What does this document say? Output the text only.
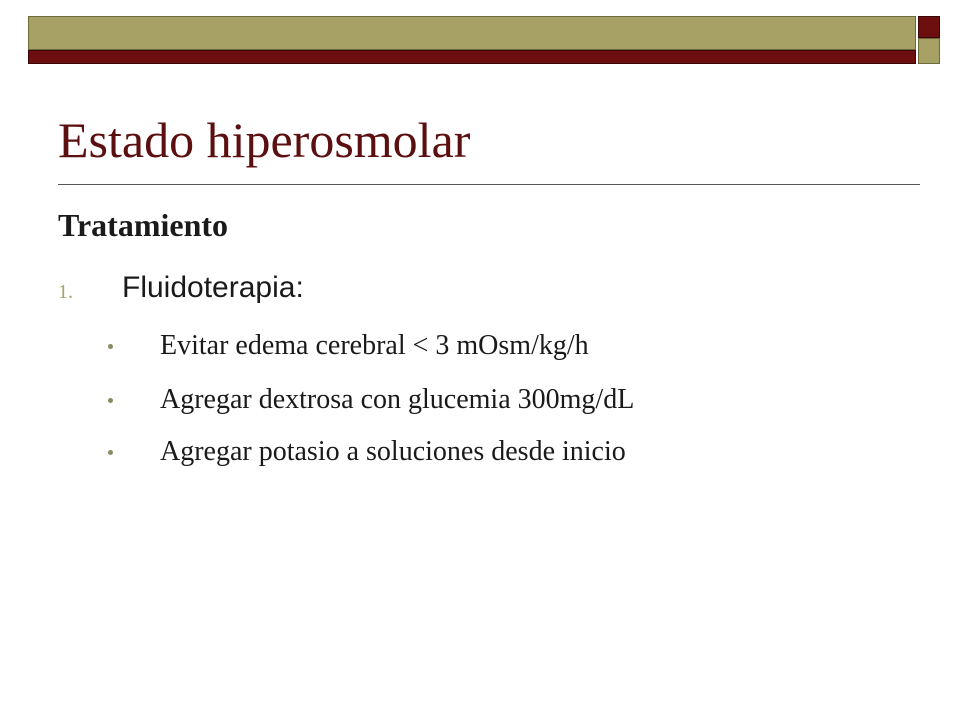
Estado hiperosmolar
Tratamiento
1. Fluidoterapia:
Evitar edema cerebral < 3 mOsm/kg/h
Agregar dextrosa con glucemia 300mg/dL
Agregar potasio a soluciones desde inicio
